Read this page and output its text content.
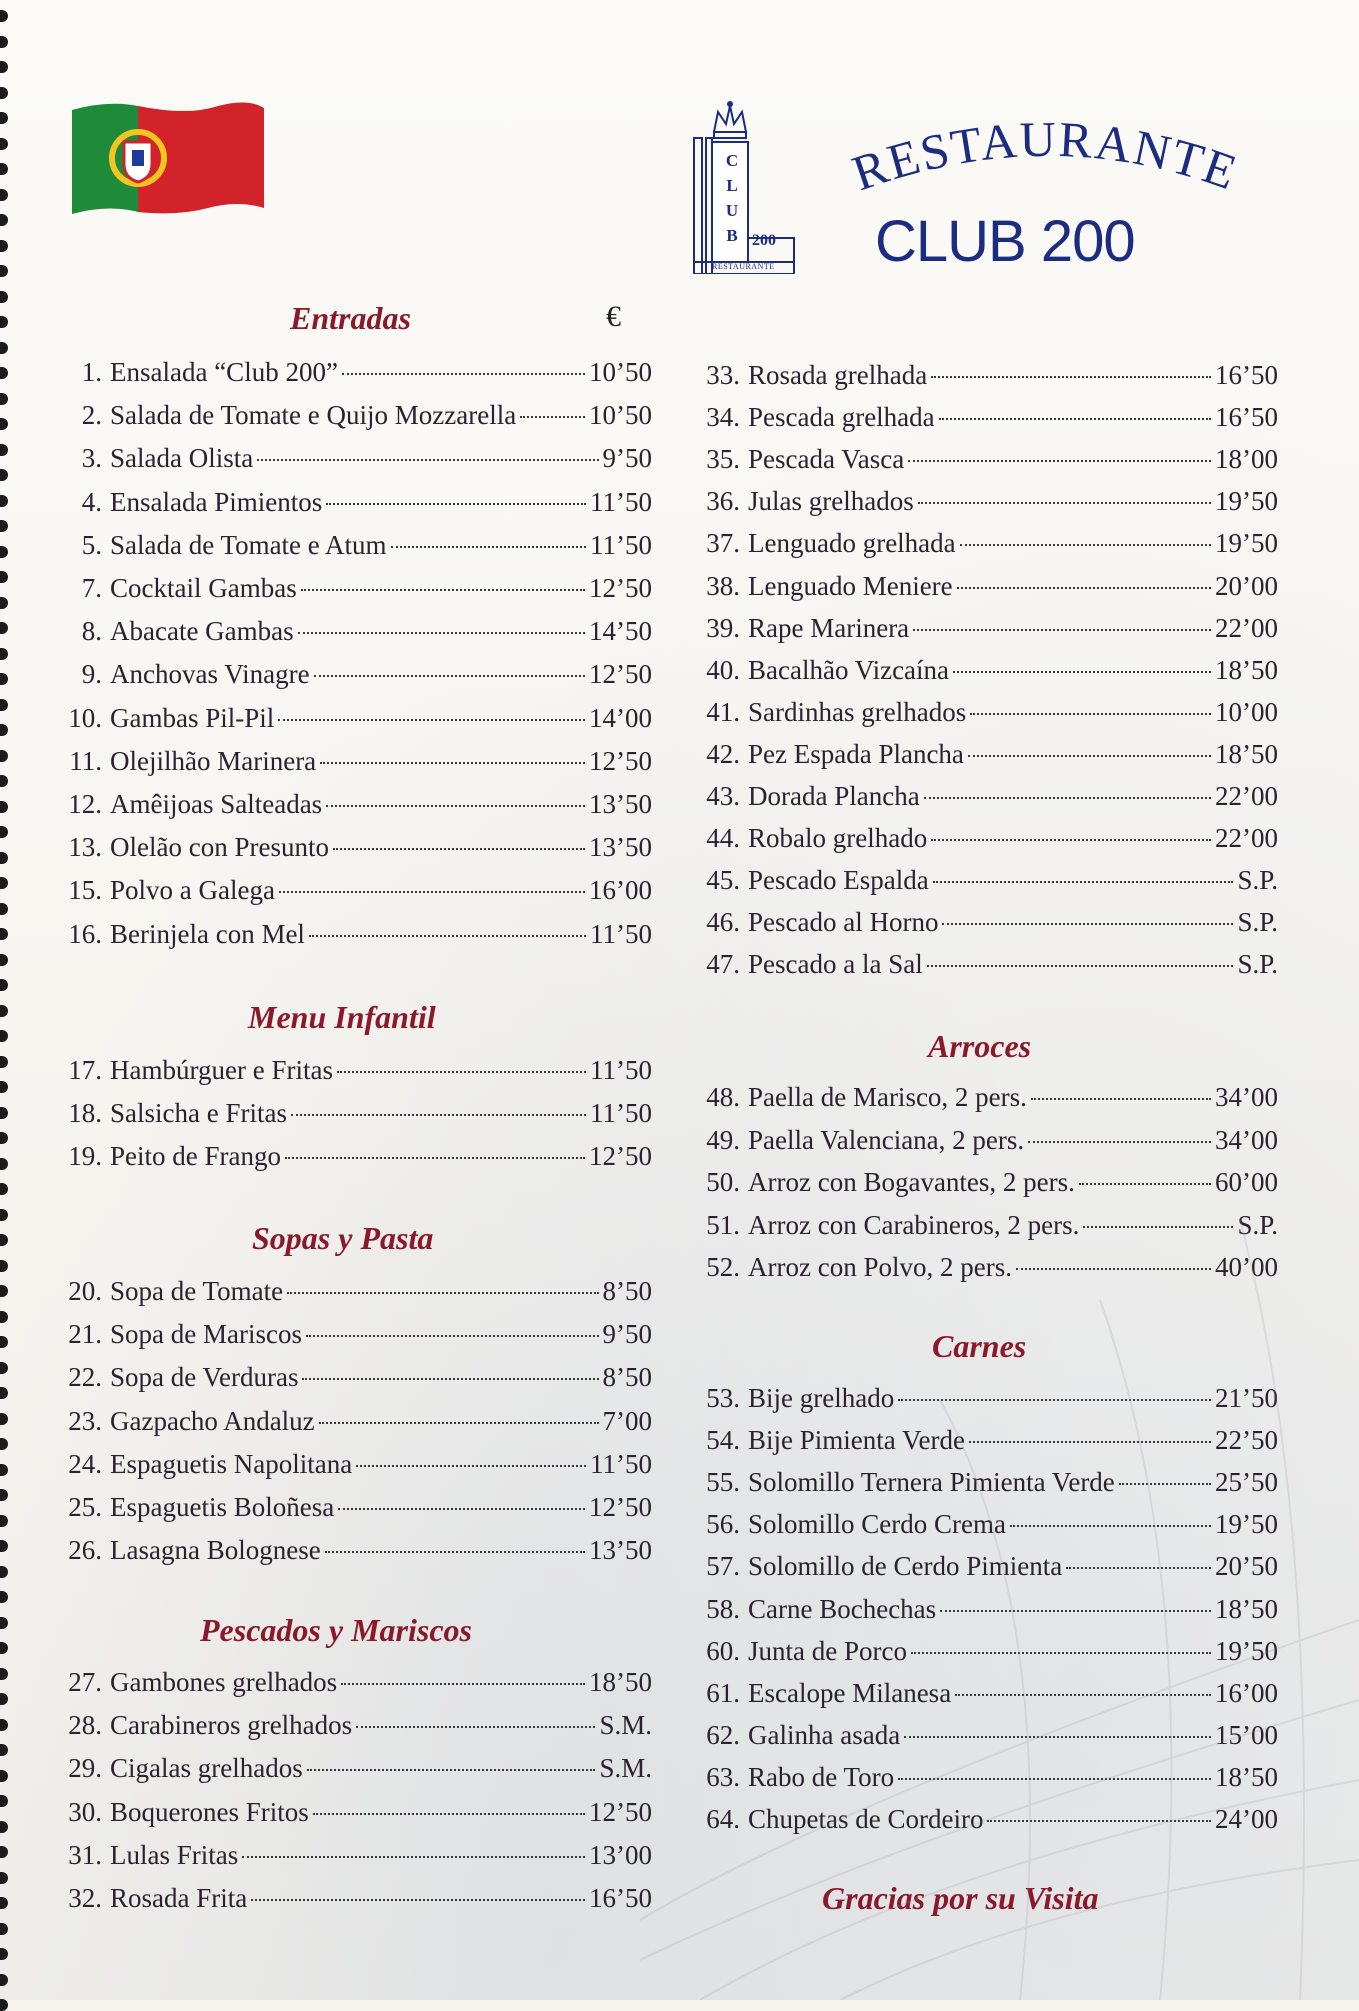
C
L
U
B 200
RESTAURANTE
RESTAURANTE
CLUB 200
Entradas	€
1. Ensalada “Club 200”	10’50
2. Salada de Tomate e Quijo Mozzarella	10’50
3. Salada Olista	9’50
4. Ensalada Pimientos	11’50
5. Salada de Tomate e Atum	11’50
7. Cocktail Gambas	12’50
8. Abacate Gambas	14’50
9. Anchovas Vinagre	12’50
10. Gambas Pil-Pil	14’00
11. Olejilhão Marinera	12’50
12. Amêijoas Salteadas	13’50
13. Olelão con Presunto	13’50
15. Polvo a Galega	16’00
16. Berinjela con Mel	11’50
Menu Infantil
17. Hambúrguer e Fritas	11’50
18. Salsicha e Fritas	11’50
19. Peito de Frango	12’50
Sopas y Pasta
20. Sopa de Tomate	8’50
21. Sopa de Mariscos	9’50
22. Sopa de Verduras	8’50
23. Gazpacho Andaluz	7’00
24. Espaguetis Napolitana	11’50
25. Espaguetis Boloñesa	12’50
26. Lasagna Bolognese	13’50
Pescados y Mariscos
27. Gambones grelhados	18’50
28. Carabineros grelhados	S.M.
29. Cigalas grelhados	S.M.
30. Boquerones Fritos	12’50
31. Lulas Fritas	13’00
32. Rosada Frita	16’50
33. Rosada grelhada	16’50
34. Pescada grelhada	16’50
35. Pescada Vasca	18’00
36. Julas grelhados	19’50
37. Lenguado grelhada	19’50
38. Lenguado Meniere	20’00
39. Rape Marinera	22’00
40. Bacalhão Vizcaína	18’50
41. Sardinhas grelhados	10’00
42. Pez Espada Plancha	18’50
43. Dorada Plancha	22’00
44. Robalo grelhado	22’00
45. Pescado Espalda	S.P.
46. Pescado al Horno	S.P.
47. Pescado a la Sal	S.P.
Arroces
48. Paella de Marisco, 2 pers.	34’00
49. Paella Valenciana, 2 pers.	34’00
50. Arroz con Bogavantes, 2 pers.	60’00
51. Arroz con Carabineros, 2 pers.	S.P.
52. Arroz con Polvo, 2 pers.	40’00
Carnes
53. Bije grelhado	21’50
54. Bije Pimienta Verde	22’50
55. Solomillo Ternera Pimienta Verde	25’50
56. Solomillo Cerdo Crema	19’50
57. Solomillo de Cerdo Pimienta	20’50
58. Carne Bochechas	18’50
60. Junta de Porco	19’50
61. Escalope Milanesa	16’00
62. Galinha asada	15’00
63. Rabo de Toro	18’50
64. Chupetas de Cordeiro	24’00
Gracias por su Visita
